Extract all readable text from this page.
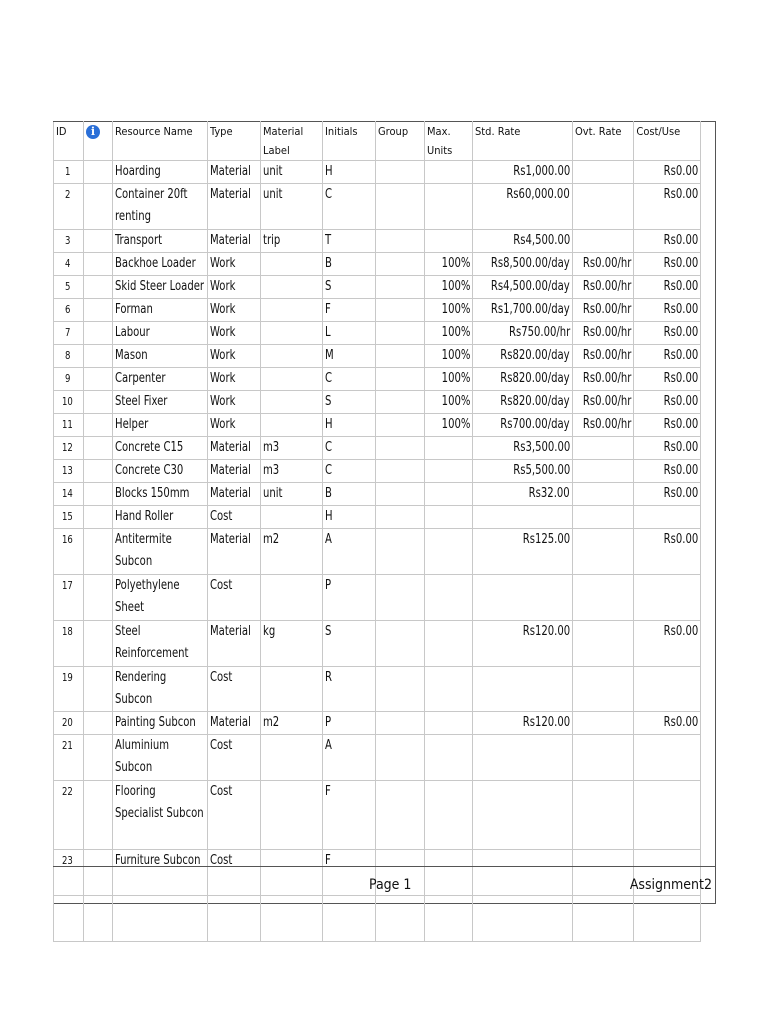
ID	i	Resource Name	Type	Material Label	Initials	Group	Max. Units	Std. Rate	Ovt. Rate	Cost/Use
1		Hoarding	Material	unit	H			Rs1,000.00		Rs0.00
2		Container 20ft renting	Material	unit	C			Rs60,000.00		Rs0.00
3		Transport	Material	trip	T			Rs4,500.00		Rs0.00
4		Backhoe Loader	Work		B		100%	Rs8,500.00/day	Rs0.00/hr	Rs0.00
5		Skid Steer Loader	Work		S		100%	Rs4,500.00/day	Rs0.00/hr	Rs0.00
6		Forman	Work		F		100%	Rs1,700.00/day	Rs0.00/hr	Rs0.00
7		Labour	Work		L		100%	Rs750.00/hr	Rs0.00/hr	Rs0.00
8		Mason	Work		M		100%	Rs820.00/day	Rs0.00/hr	Rs0.00
9		Carpenter	Work		C		100%	Rs820.00/day	Rs0.00/hr	Rs0.00
10		Steel Fixer	Work		S		100%	Rs820.00/day	Rs0.00/hr	Rs0.00
11		Helper	Work		H		100%	Rs700.00/day	Rs0.00/hr	Rs0.00
12		Concrete C15	Material	m3	C			Rs3,500.00		Rs0.00
13		Concrete C30	Material	m3	C			Rs5,500.00		Rs0.00
14		Blocks 150mm	Material	unit	B			Rs32.00		Rs0.00
15		Hand Roller	Cost		H					
16		Antitermite Subcon	Material	m2	A			Rs125.00		Rs0.00
17		Polyethylene Sheet	Cost		P					
18		Steel Reinforcement	Material	kg	S			Rs120.00		Rs0.00
19		Rendering Subcon	Cost		R					
20		Painting Subcon	Material	m2	P			Rs120.00		Rs0.00
21		Aluminium Subcon	Cost		A					
22		Flooring Specialist Subcon	Cost		F					
23		Furniture Subcon	Cost		F					

Page 1	Assignment2
